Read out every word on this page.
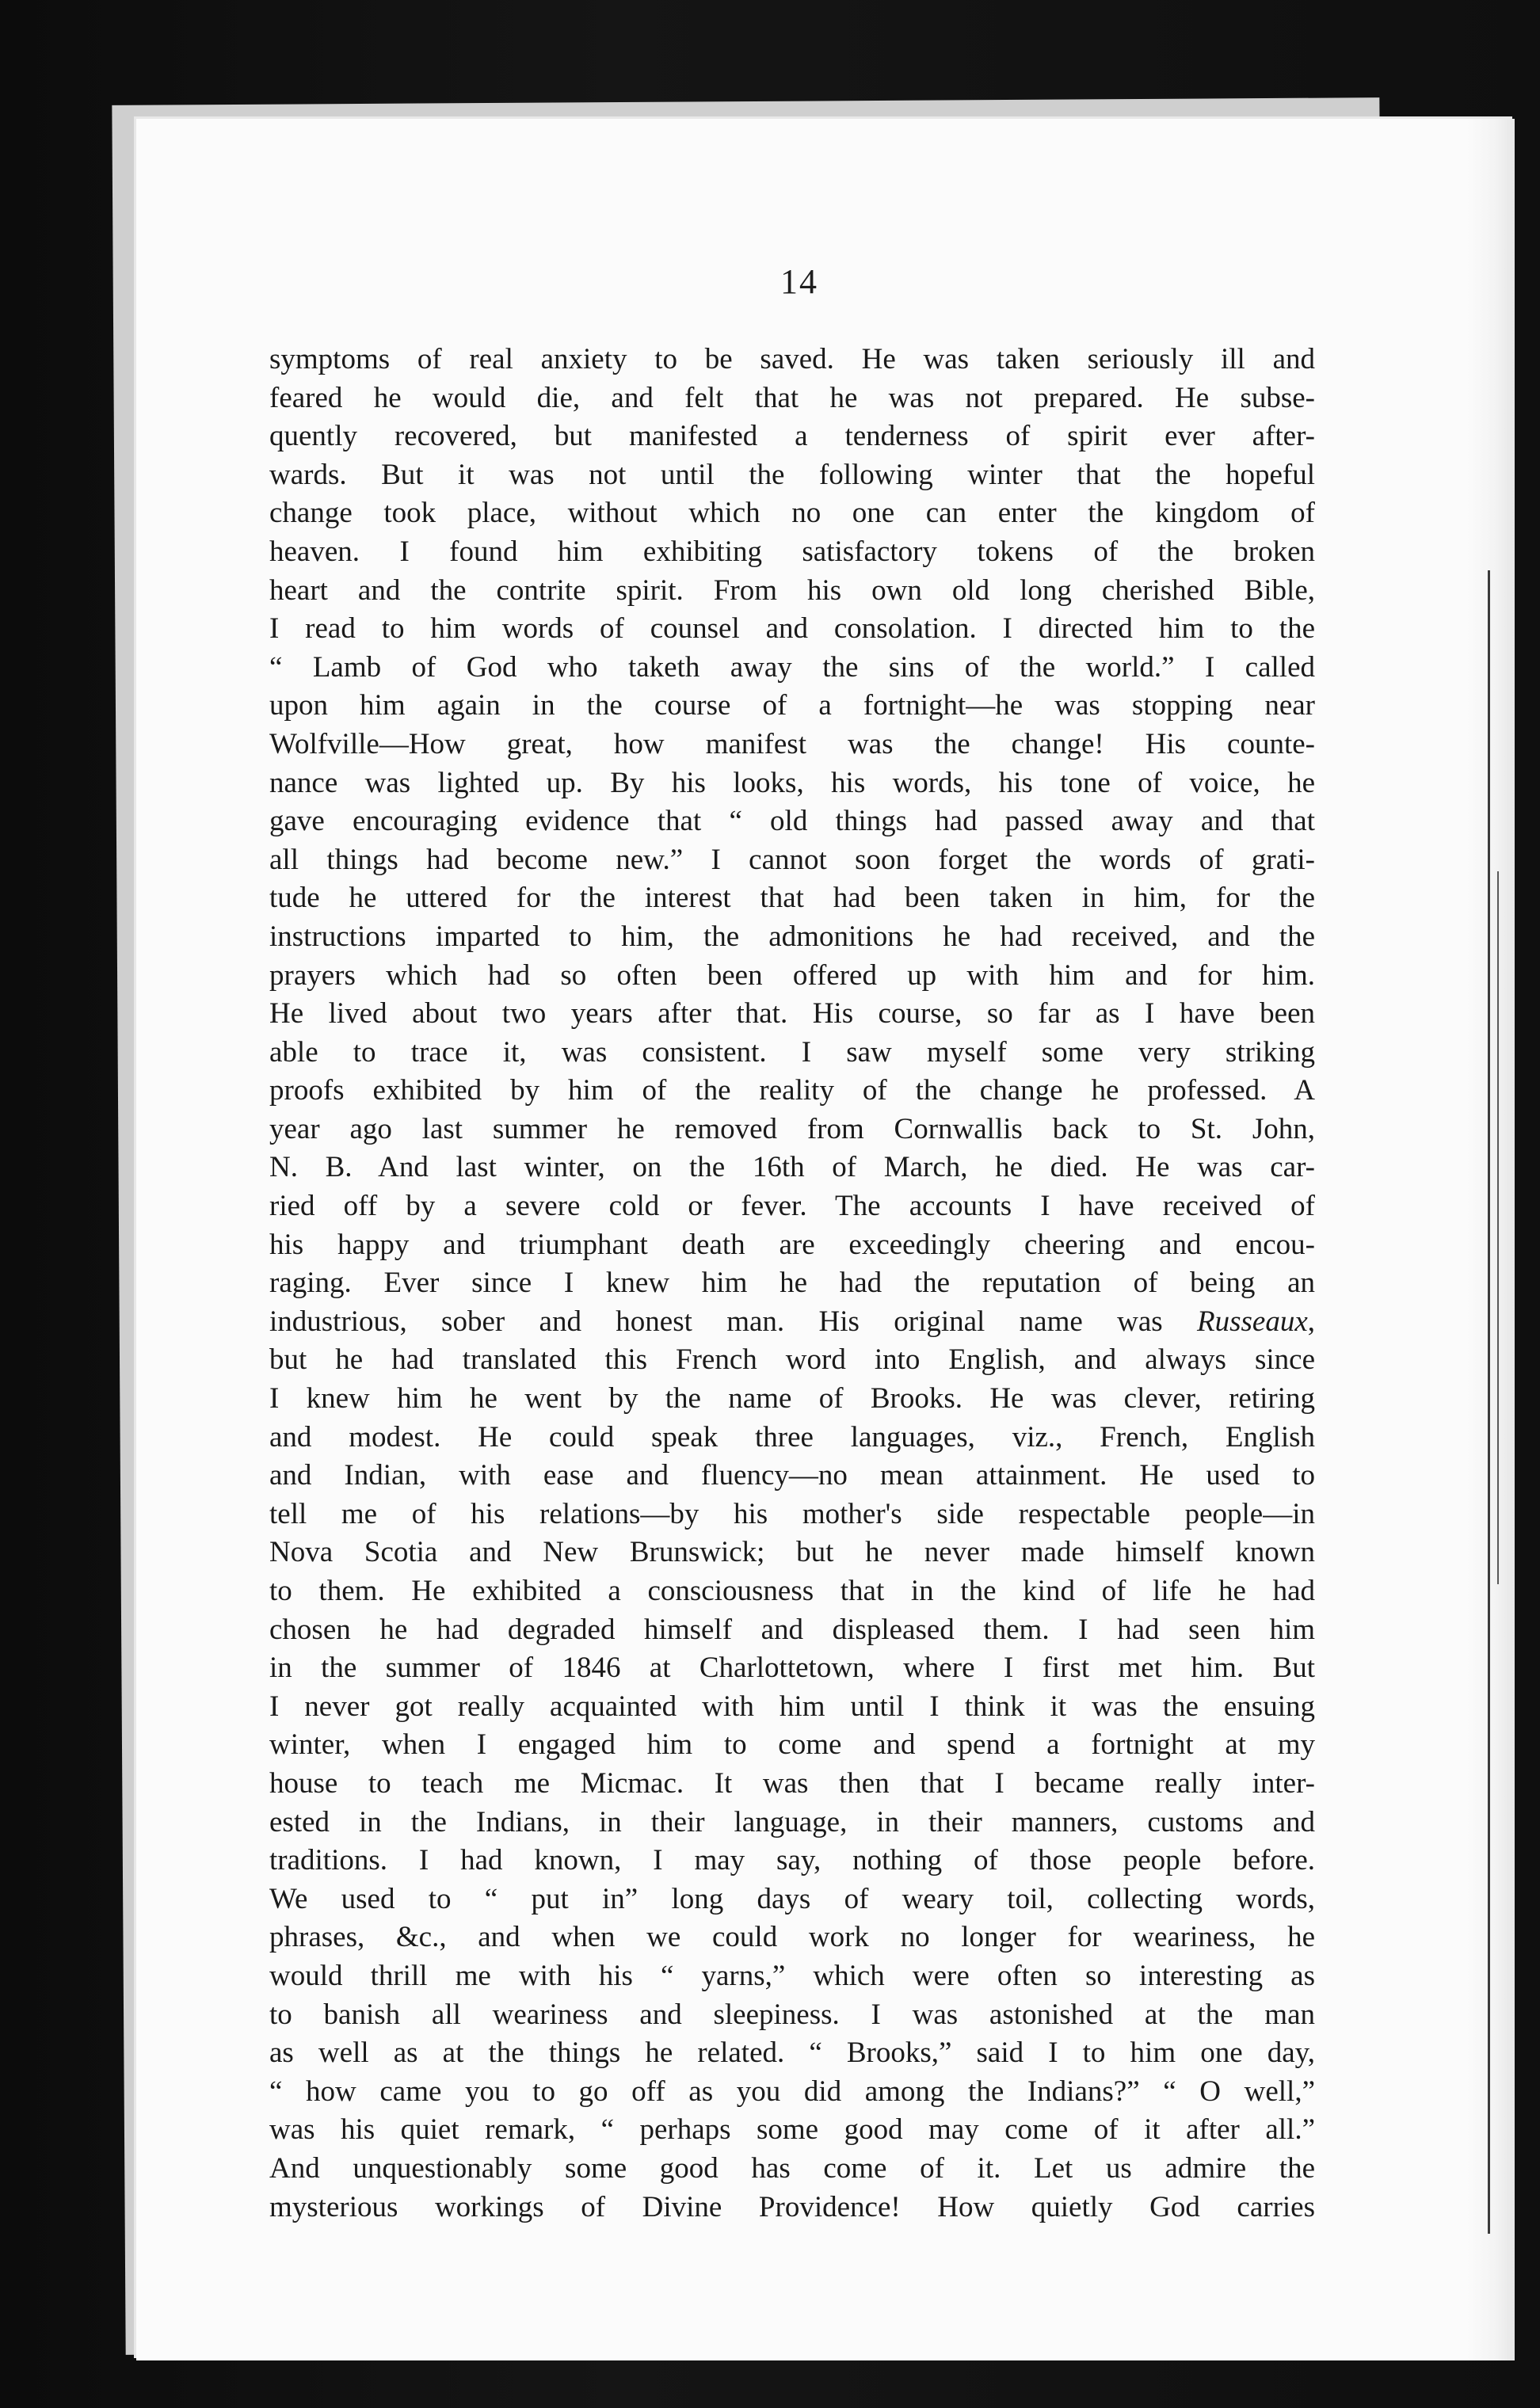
14
symptoms of real anxiety to be saved. He was taken seriously ill and
feared he would die, and felt that he was not prepared. He subse-
quently recovered, but manifested a tenderness of spirit ever after-
wards. But it was not until the following winter that the hopeful
change took place, without which no one can enter the kingdom of
heaven. I found him exhibiting satisfactory tokens of the broken
heart and the contrite spirit. From his own old long cherished Bible,
I read to him words of counsel and consolation. I directed him to the
“ Lamb of God who taketh away the sins of the world.” I called
upon him again in the course of a fortnight—he was stopping near
Wolfville—How great, how manifest was the change! His counte-
nance was lighted up. By his looks, his words, his tone of voice, he
gave encouraging evidence that “ old things had passed away and that
all things had become new.” I cannot soon forget the words of grati-
tude he uttered for the interest that had been taken in him, for the
instructions imparted to him, the admonitions he had received, and the
prayers which had so often been offered up with him and for him.
He lived about two years after that. His course, so far as I have been
able to trace it, was consistent. I saw myself some very striking
proofs exhibited by him of the reality of the change he professed. A
year ago last summer he removed from Cornwallis back to St. John,
N. B. And last winter, on the 16th of March, he died. He was car-
ried off by a severe cold or fever. The accounts I have received of
his happy and triumphant death are exceedingly cheering and encou-
raging. Ever since I knew him he had the reputation of being an
industrious, sober and honest man. His original name was Russeaux,
but he had translated this French word into English, and always since
I knew him he went by the name of Brooks. He was clever, retiring
and modest. He could speak three languages, viz., French, English
and Indian, with ease and fluency—no mean attainment. He used to
tell me of his relations—by his mother's side respectable people—in
Nova Scotia and New Brunswick; but he never made himself known
to them. He exhibited a consciousness that in the kind of life he had
chosen he had degraded himself and displeased them. I had seen him
in the summer of 1846 at Charlottetown, where I first met him. But
I never got really acquainted with him until I think it was the ensuing
winter, when I engaged him to come and spend a fortnight at my
house to teach me Micmac. It was then that I became really inter-
ested in the Indians, in their language, in their manners, customs and
traditions. I had known, I may say, nothing of those people before.
We used to “ put in” long days of weary toil, collecting words,
phrases, &c., and when we could work no longer for weariness, he
would thrill me with his “ yarns,” which were often so interesting as
to banish all weariness and sleepiness. I was astonished at the man
as well as at the things he related. “ Brooks,” said I to him one day,
“ how came you to go off as you did among the Indians?” “ O well,”
was his quiet remark, “ perhaps some good may come of it after all.”
And unquestionably some good has come of it. Let us admire the
mysterious workings of Divine Providence! How quietly God carries
